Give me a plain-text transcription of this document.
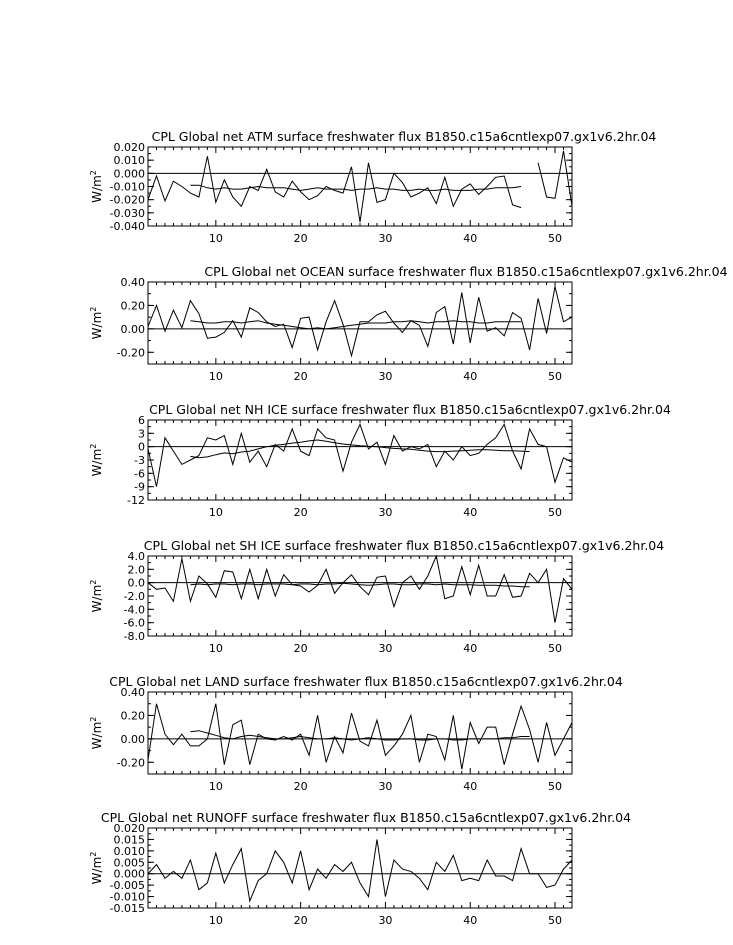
CPL Global net ATM surface freshwater flux B1850.c15a6cntlexp07.gx1v6.2hr.04
10	20	30	40	50
-0.040
-0.030
-0.020
-0.010
0.000
0.010
0.020
$W/m^2$
CPL Global net OCEAN surface freshwater flux B1850.c15a6cntlexp07.gx1v6.2hr.04
10	20	30	40	50
-0.20
0.00
0.20
0.40
$W/m^2$
CPL Global net NH ICE surface freshwater flux B1850.c15a6cntlexp07.gx1v6.2hr.04
10	20	30	40	50
-12
-9
-6
-3
0
3
6
$W/m^2$
CPL Global net SH ICE surface freshwater flux B1850.c15a6cntlexp07.gx1v6.2hr.04
10	20	30	40	50
-8.0
-6.0
-4.0
-2.0
0.0
2.0
4.0
$W/m^2$
CPL Global net LAND surface freshwater flux B1850.c15a6cntlexp07.gx1v6.2hr.04
10	20	30	40	50
-0.20
0.00
0.20
0.40
$W/m^2$
CPL Global net RUNOFF surface freshwater flux B1850.c15a6cntlexp07.gx1v6.2hr.04
10	20	30	40	50
-0.015
-0.010
-0.005
0.000
0.005
0.010
0.015
0.020
$W/m^2$
